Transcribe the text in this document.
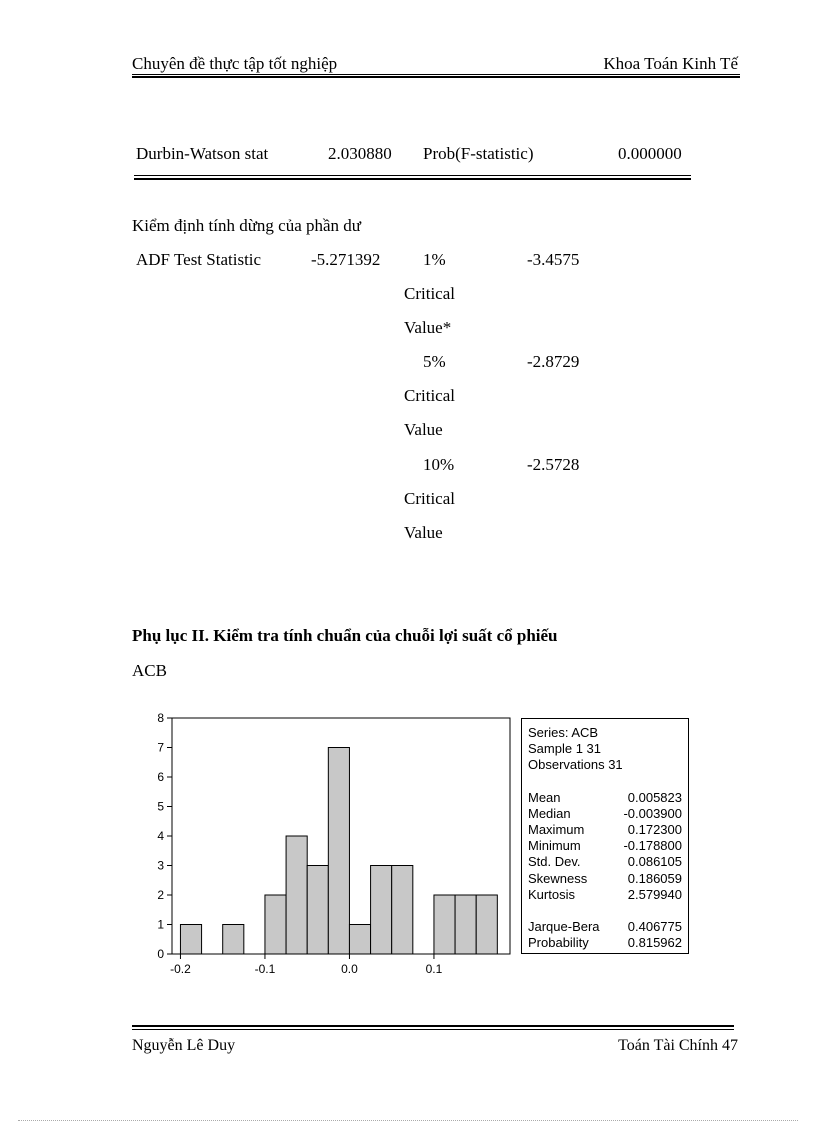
Chuyên đề thực tập tốt nghiệp	Khoa Toán Kinh Tế
Durbin-Watson stat	2.030880 Prob(F-statistic)	0.000000
Kiểm định tính dừng của phần dư
ADF Test Statistic	-5.271392	1%	-3.4575
Critical
Value*
5%	-2.8729
Critical
Value
10%	-2.5728
Critical
Value
Phụ lục II. Kiểm tra tính chuẩn của chuỗi lợi suất cổ phiếu
ACB
0
1
2
3
4
5
6
7
8
-0.2	-0.1	0.0	0.1
Series: ACB
Sample 1 31
Observations 31
Mean	0.005823
Median	-0.003900
Maximum	0.172300
Minimum	-0.178800
Std. Dev.	0.086105
Skewness	0.186059
Kurtosis	2.579940
Jarque-Bera 0.406775
Probability	0.815962
Nguyễn Lê Duy	Toán Tài Chính 47
